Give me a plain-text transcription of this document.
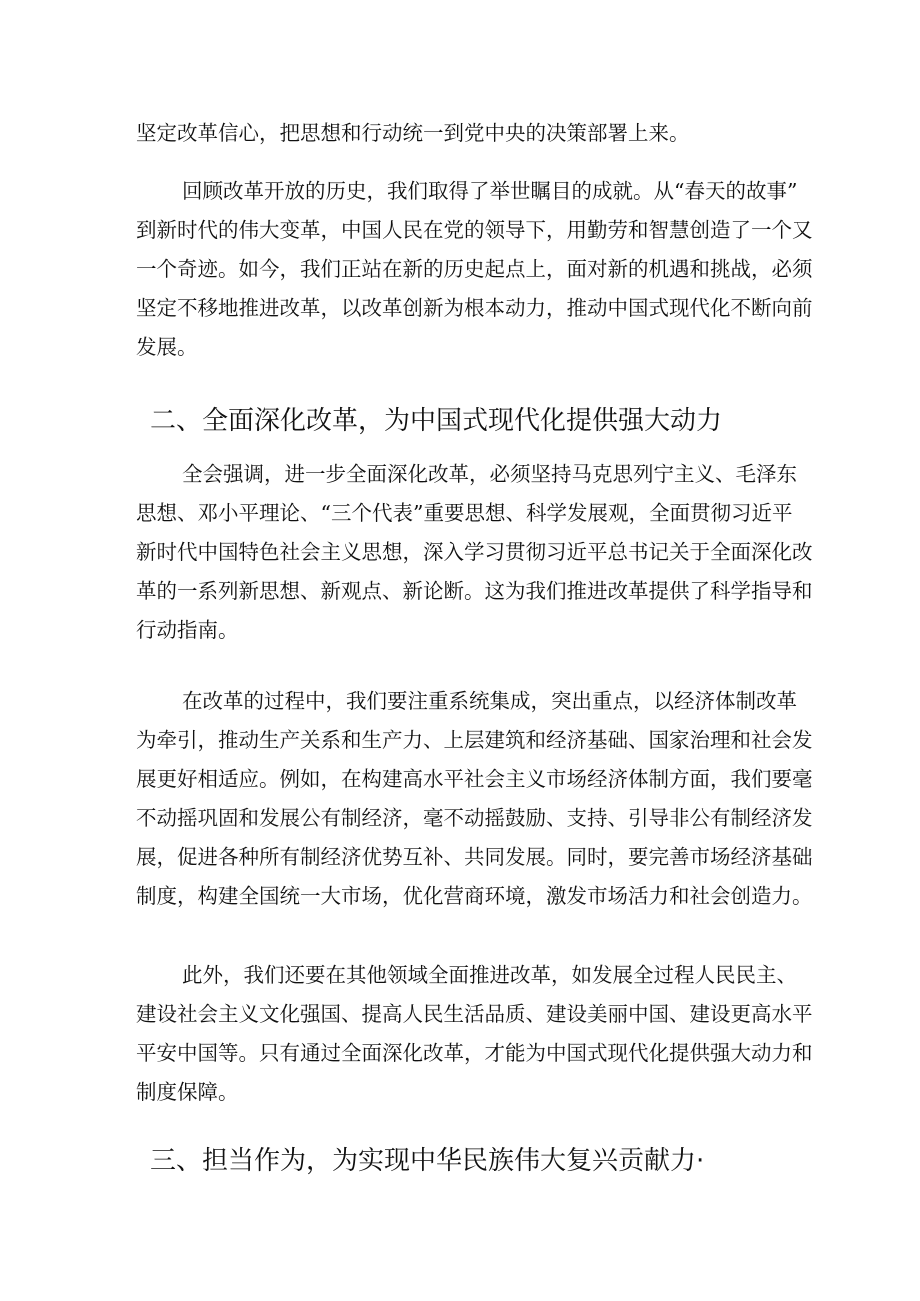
坚定改革信心，把思想和行动统一到党中央的决策部署上来。

回顾改革开放的历史，我们取得了举世瞩目的成就。从“春天的故事”
到新时代的伟大变革，中国人民在党的领导下，用勤劳和智慧创造了一个又
一个奇迹。如今，我们正站在新的历史起点上，面对新的机遇和挑战，必须
坚定不移地推进改革，以改革创新为根本动力，推动中国式现代化不断向前
发展。

二、全面深化改革，为中国式现代化提供强大动力

全会强调，进一步全面深化改革，必须坚持马克思列宁主义、毛泽东
思想、邓小平理论、“三个代表”重要思想、科学发展观，全面贯彻习近平
新时代中国特色社会主义思想，深入学习贯彻习近平总书记关于全面深化改
革的一系列新思想、新观点、新论断。这为我们推进改革提供了科学指导和
行动指南。

在改革的过程中，我们要注重系统集成，突出重点，以经济体制改革
为牵引，推动生产关系和生产力、上层建筑和经济基础、国家治理和社会发
展更好相适应。例如，在构建高水平社会主义市场经济体制方面，我们要毫
不动摇巩固和发展公有制经济，毫不动摇鼓励、支持、引导非公有制经济发
展，促进各种所有制经济优势互补、共同发展。同时，要完善市场经济基础
制度，构建全国统一大市场，优化营商环境，激发市场活力和社会创造力。

此外，我们还要在其他领域全面推进改革，如发展全过程人民民主、
建设社会主义文化强国、提高人民生活品质、建设美丽中国、建设更高水平
平安中国等。只有通过全面深化改革，才能为中国式现代化提供强大动力和
制度保障。

三、担当作为，为实现中华民族伟大复兴贡献力·
